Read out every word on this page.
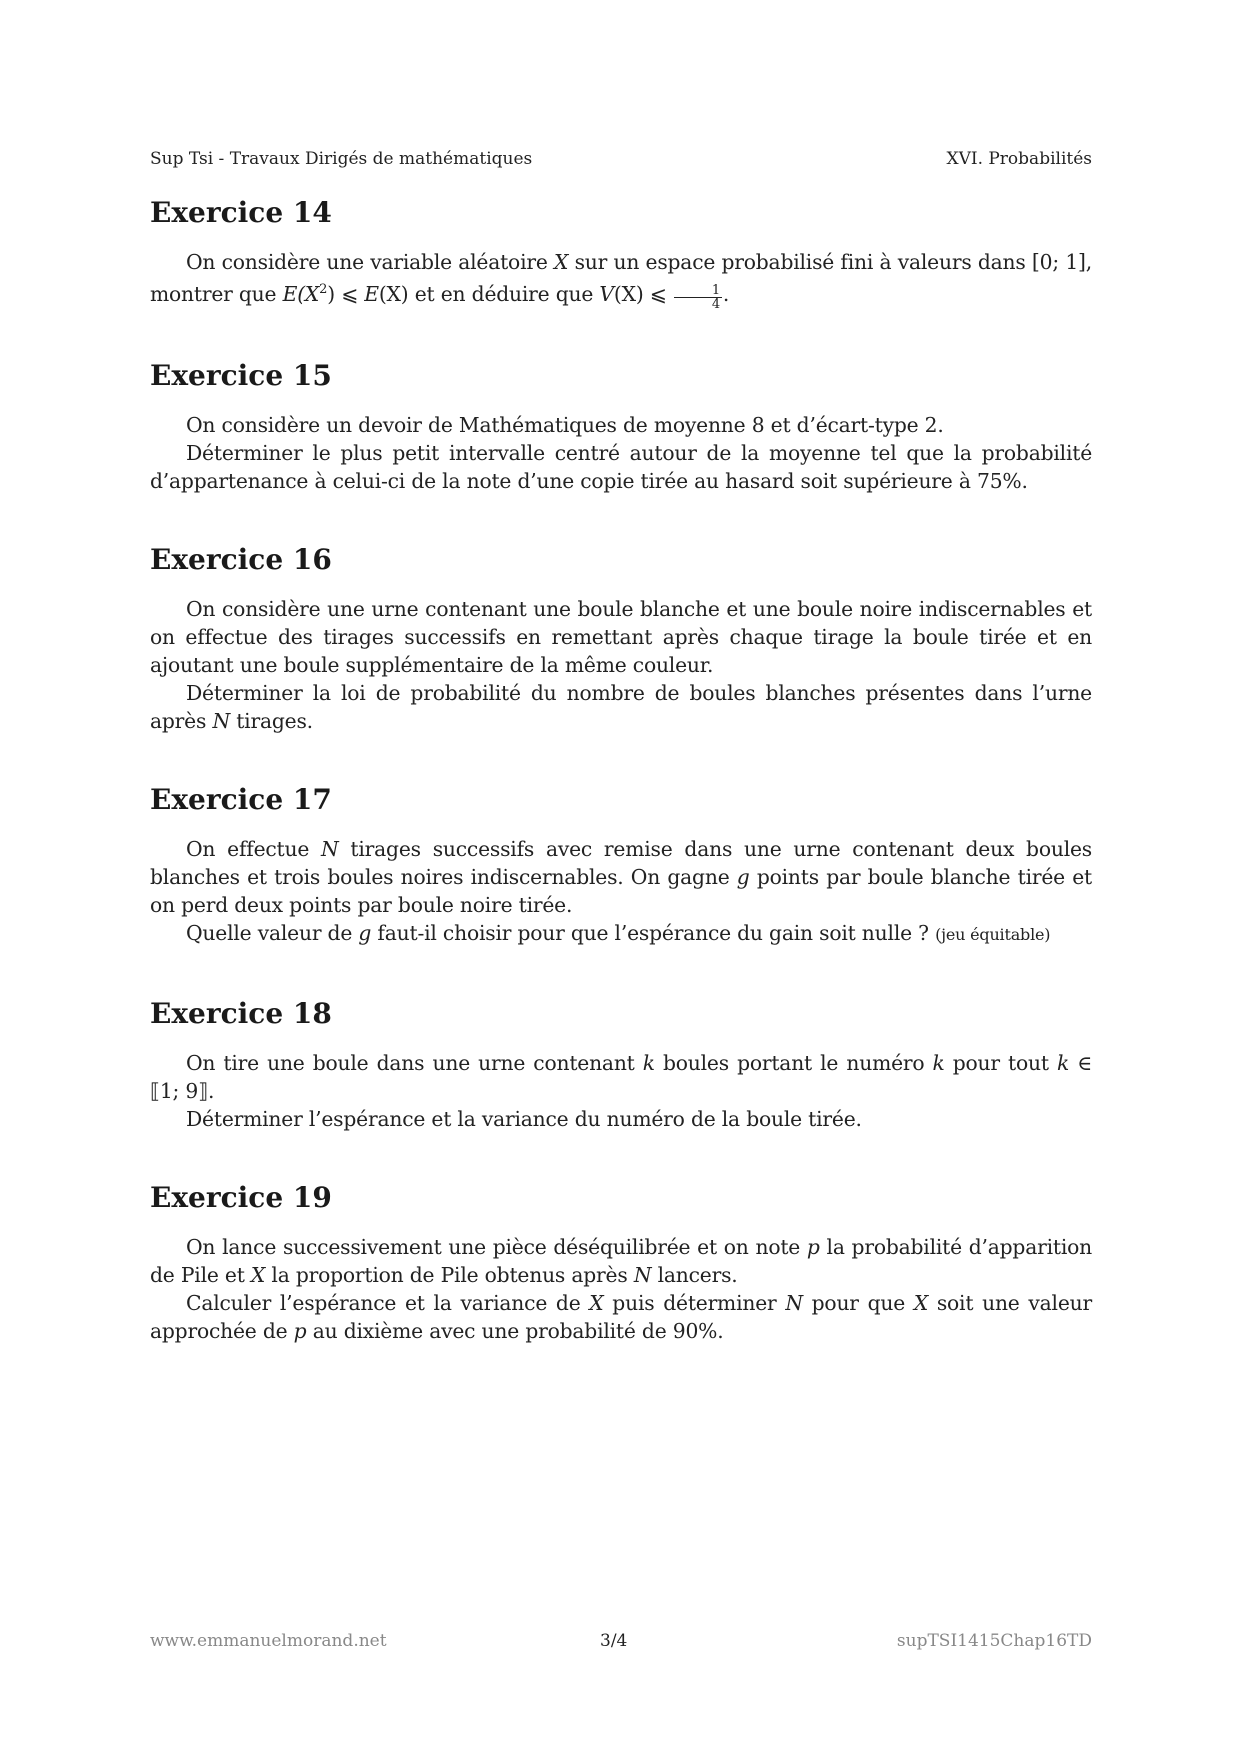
Sup Tsi - Travaux Dirigés de mathématiques	XVI. Probabilités
Exercice 14

On considère une variable aléatoire X sur un espace probabilisé fini à valeurs dans [0; 1], montrer que $E(X^2)$ ⩽ E(X) et en déduire que V(X) ⩽ $\frac{1}{4}$ .

Exercice 15

On considère un devoir de Mathématiques de moyenne 8 et d’écart-type 2.

Déterminer le plus petit intervalle centré autour de la moyenne tel que la probabilité d’appartenance à celui-ci de la note d’une copie tirée au hasard soit supérieure à 75%.

Exercice 16

On considère une urne contenant une boule blanche et une boule noire indiscernables et on effectue des tirages successifs en remettant après chaque tirage la boule tirée et en ajoutant une boule supplémentaire de la même couleur.

Déterminer la loi de probabilité du nombre de boules blanches présentes dans l’urne après N tirages.

Exercice 17

On effectue N tirages successifs avec remise dans une urne contenant deux boules blanches et trois boules noires indiscernables. On gagne g points par boule blanche tirée et on perd deux points par boule noire tirée.

Quelle valeur de g faut-il choisir pour que l’espérance du gain soit nulle ? (jeu équitable)

Exercice 18

On tire une boule dans une urne contenant k boules portant le numéro k pour tout k ∈ ⟦1; 9⟧.

Déterminer l’espérance et la variance du numéro de la boule tirée.

Exercice 19

On lance successivement une pièce déséquilibrée et on note p la probabilité d’apparition de Pile et X la proportion de Pile obtenus après N lancers.

Calculer l’espérance et la variance de X puis déterminer N pour que X soit une valeur approchée de p au dixième avec une probabilité de 90%.

www.emmanuelmorand.net	3/4	supTSI1415Chap16TD
